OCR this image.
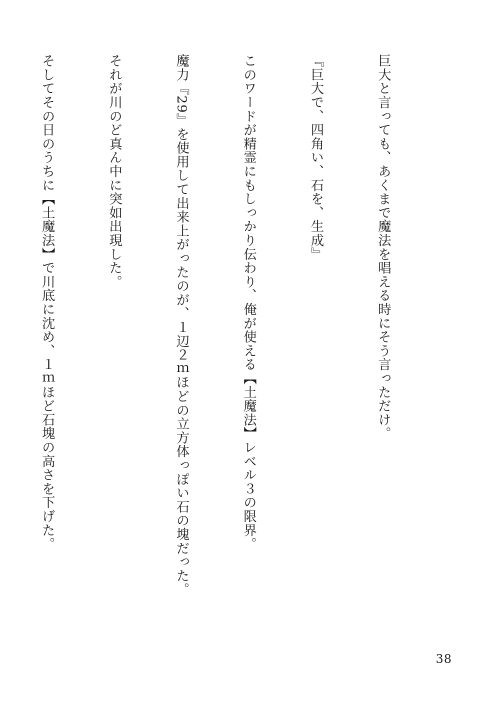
巨大と言っても、あくまで魔法を唱える時にそう言っただけ。

『巨大で、四角い、石を、生成』

このワードが精霊にもしっかり伝わり、俺が使える【土魔法】レベル３の限界。

魔力『29』を使用して出来上がったのが、１辺２ｍほどの立方体っぽい石の塊だった。

それが川のど真ん中に突如出現した。

そしてその日のうちに【土魔法】で川底に沈め、１ｍほど石塊の高さを下げた。

38
